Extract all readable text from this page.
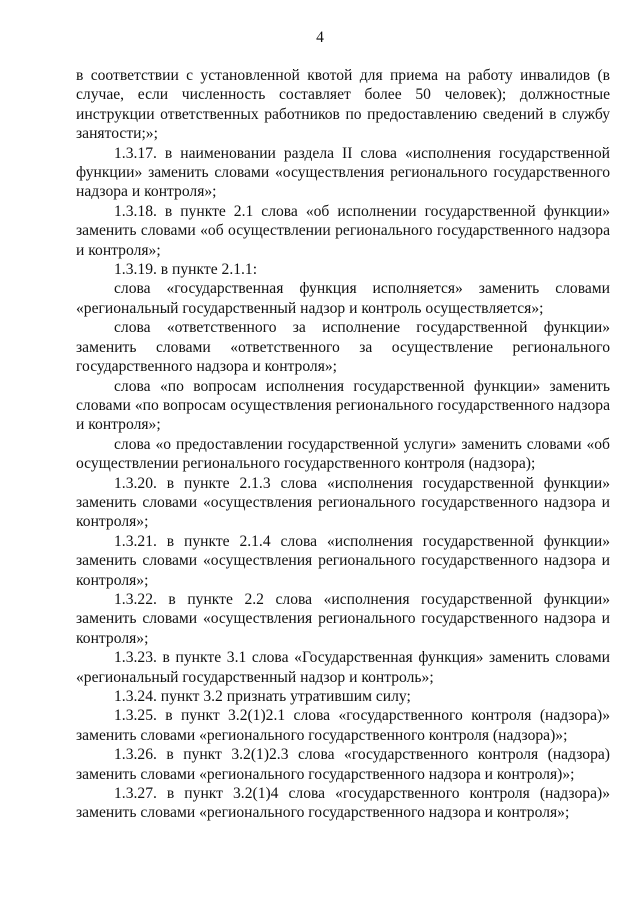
4

в соответствии с установленной квотой для приема на работу инвалидов (в случае, если численность составляет более 50 человек); должностные инструкции ответственных работников по предоставлению сведений в службу занятости;»;

1.3.17. в наименовании раздела II слова «исполнения государственной функции» заменить словами «осуществления регионального государственного надзора и контроля»;

1.3.18. в пункте 2.1 слова «об исполнении государственной функции» заменить словами «об осуществлении регионального государственного надзора и контроля»;

1.3.19. в пункте 2.1.1:

слова «государственная функция исполняется» заменить словами «региональный государственный надзор и контроль осуществляется»;

слова «ответственного за исполнение государственной функции» заменить словами «ответственного за осуществление регионального государственного надзора и контроля»;

слова «по вопросам исполнения государственной функции» заменить словами «по вопросам осуществления регионального государственного надзора и контроля»;

слова «о предоставлении государственной услуги» заменить словами «об осуществлении регионального государственного контроля (надзора);

1.3.20. в пункте 2.1.3 слова «исполнения государственной функции» заменить словами «осуществления регионального государственного надзора и контроля»;

1.3.21. в пункте 2.1.4 слова «исполнения государственной функции» заменить словами «осуществления регионального государственного надзора и контроля»;

1.3.22. в пункте 2.2 слова «исполнения государственной функции» заменить словами «осуществления регионального государственного надзора и контроля»;

1.3.23. в пункте 3.1 слова «Государственная функция» заменить словами «региональный государственный надзор и контроль»;

1.3.24. пункт 3.2 признать утратившим силу;

1.3.25. в пункт 3.2(1)2.1 слова «государственного контроля (надзора)» заменить словами «регионального государственного контроля (надзора)»;

1.3.26. в пункт 3.2(1)2.3 слова «государственного контроля (надзора) заменить словами «регионального государственного надзора и контроля)»;

1.3.27. в пункт 3.2(1)4 слова «государственного контроля (надзора)» заменить словами «регионального государственного надзора и контроля»;
